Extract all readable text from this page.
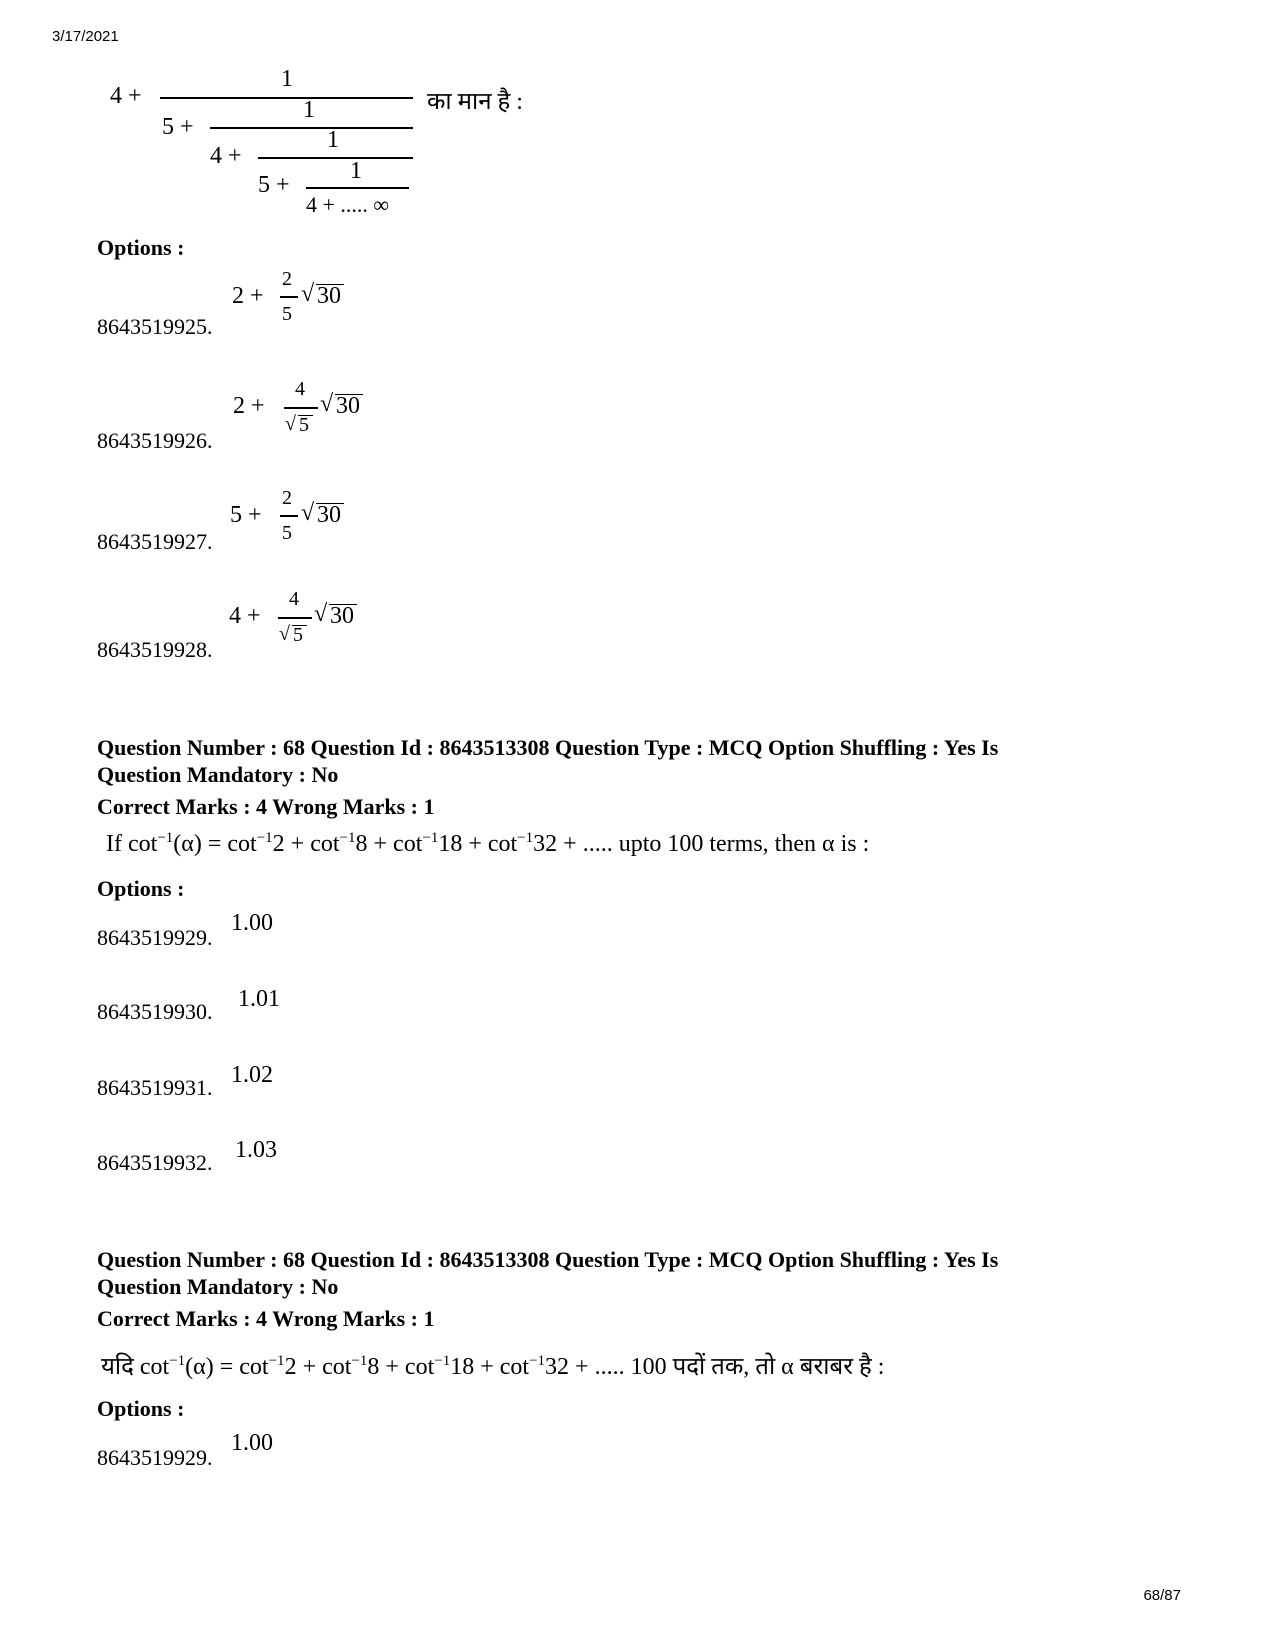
3/17/2021
4 +
1
5 +
1
4 +
1
5 +
1
4 + ..... ∞
का मान है :
Options :
8643519925.
2 +
2
5
√ 30
8643519926.
2 +
4
√ 5
√ 30
8643519927.
5 +
2
5
√ 30
8643519928.
4 +
4
√ 5
√ 30
Question Number : 68 Question Id : 8643513308 Question Type : MCQ Option Shuffling : Yes Is
Question Mandatory : No
Correct Marks : 4 Wrong Marks : 1
If $\cot^{-1}(\alpha) = \cot^{-1}2 + \cot^{-1}8 + \cot^{-1}18 + \cot^{-1}32$ + ..... upto 100 terms, then α is :
Options :
8643519929.
1.00
8643519930. 1.01
8643519931. 1.02
8643519932. 1.03
Question Number : 68 Question Id : 8643513308 Question Type : MCQ Option Shuffling : Yes Is
Question Mandatory : No
Correct Marks : 4 Wrong Marks : 1
यदि $\cot^{-1}(\alpha) = \cot^{-1}2 + \cot^{-1}8 + \cot^{-1}18 + \cot^{-1}32$ + ..... 100 पदों तक, तो α बराबर है :
Options :
8643519929.
1.00
68/87
